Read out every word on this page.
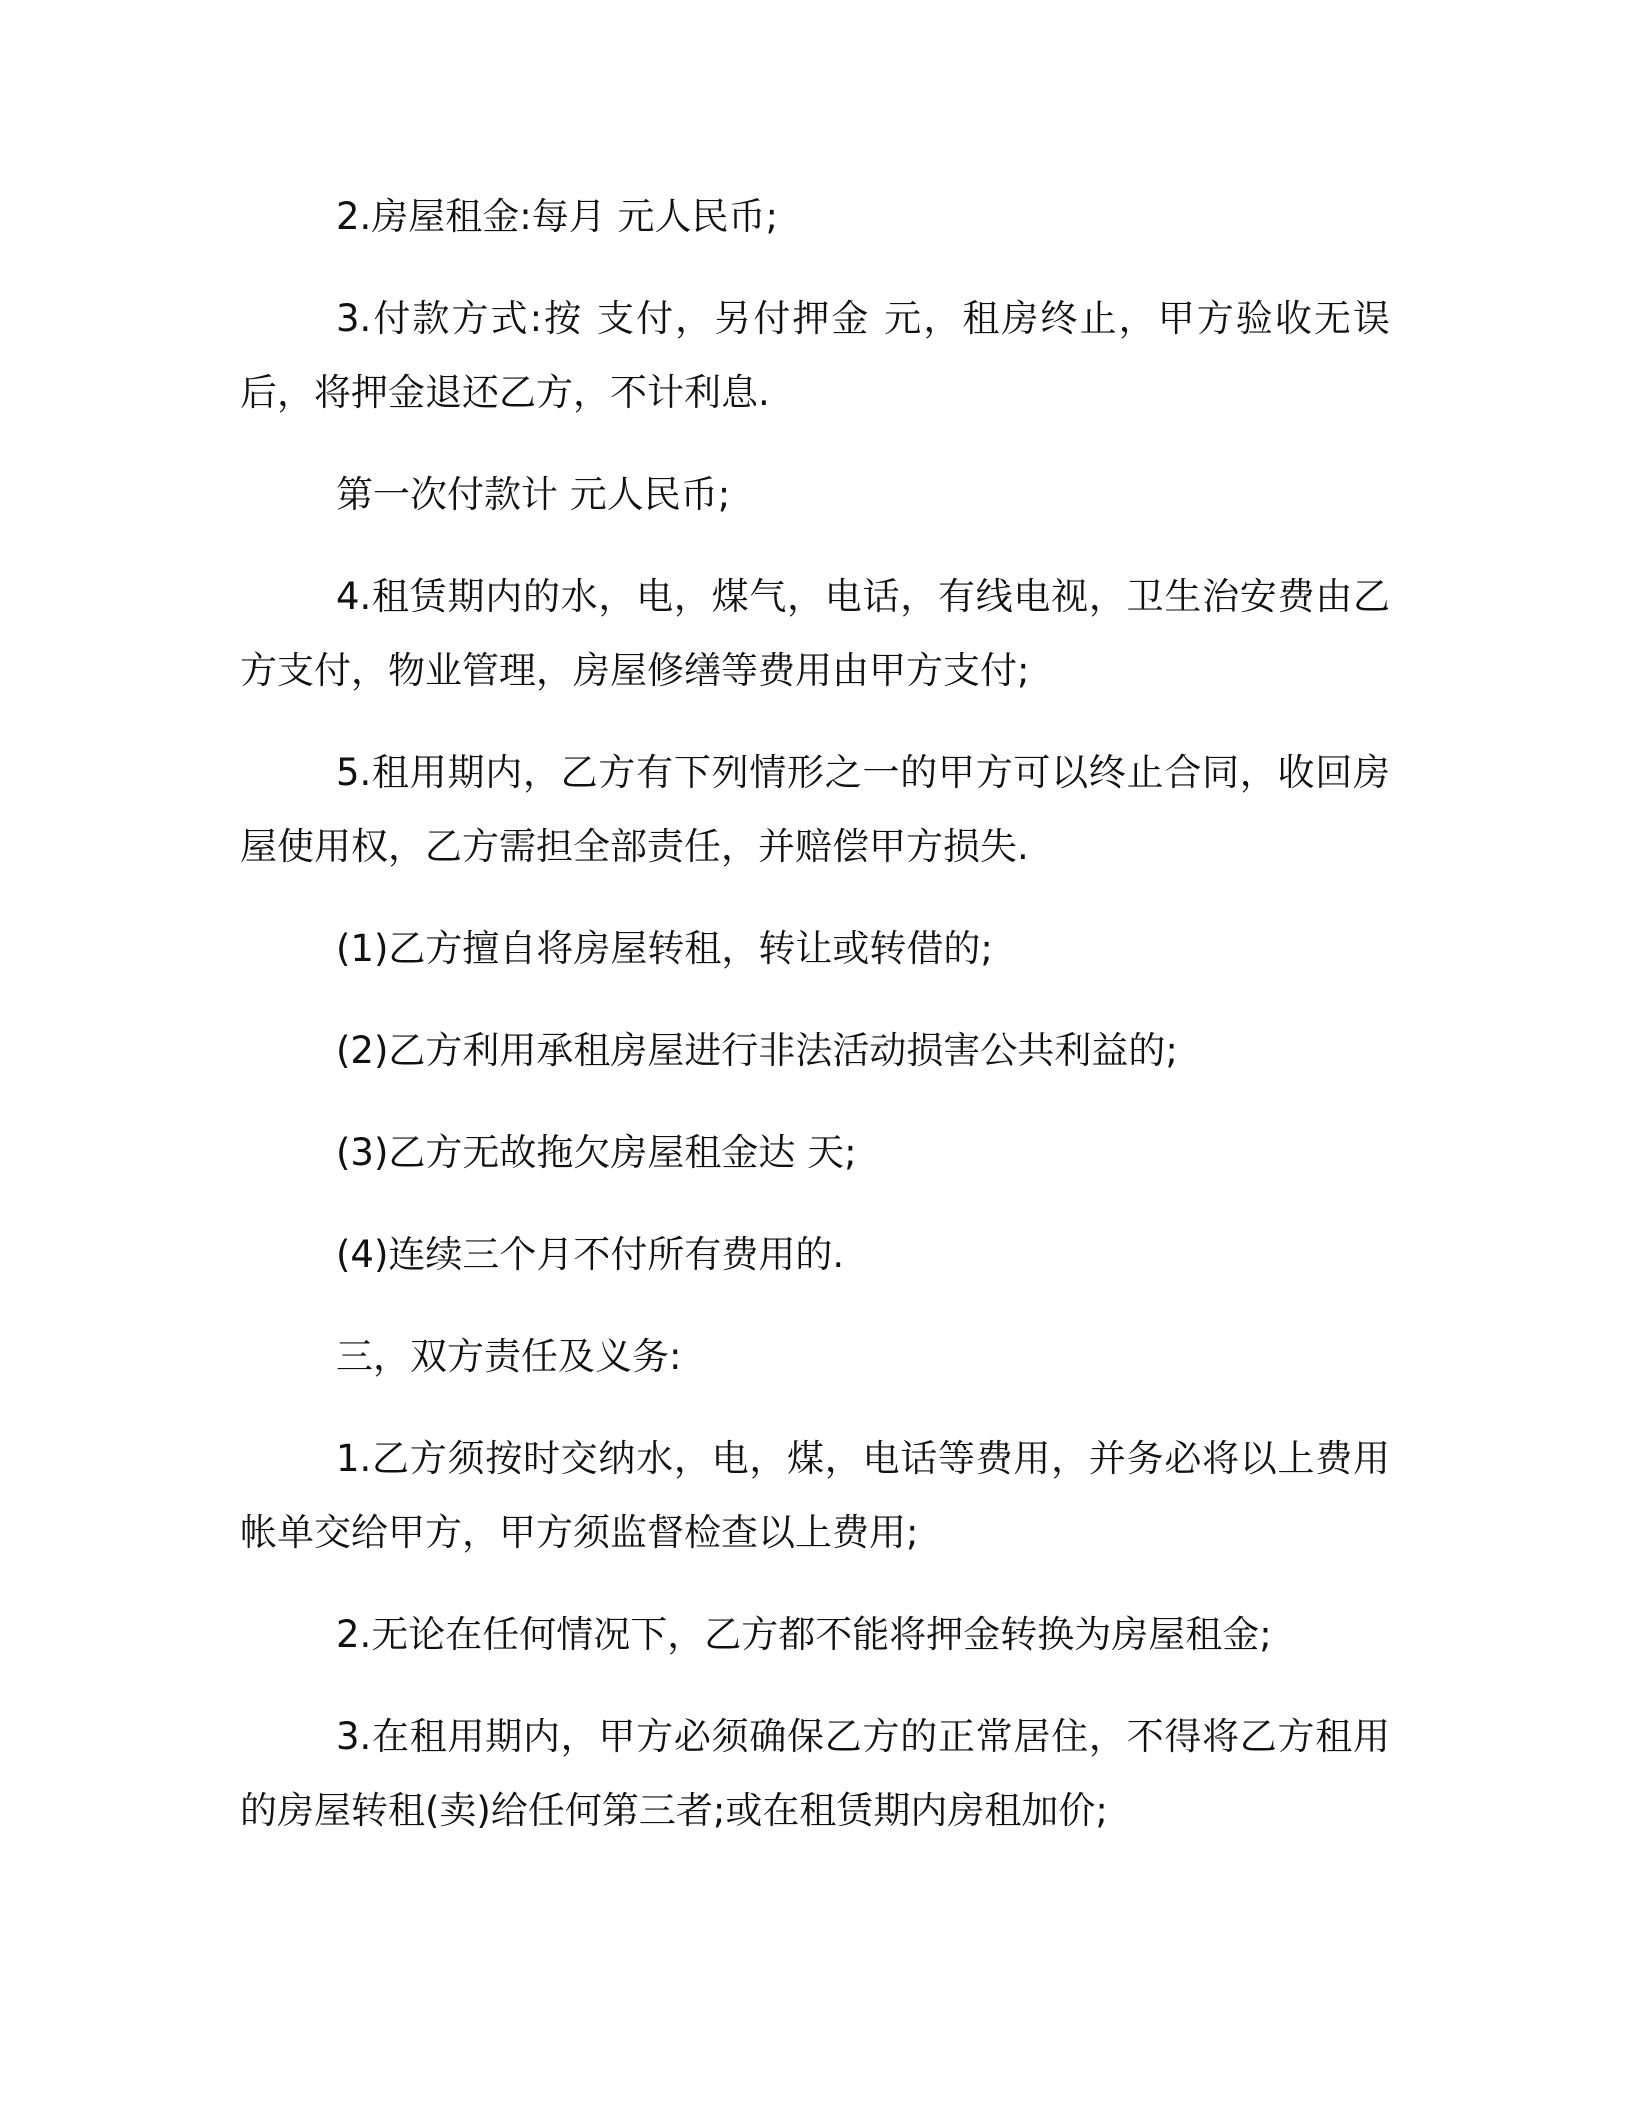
2.房屋租金:每月 元人民币;

3.付款方式:按 支付，另付押金 元，租房终止，甲方验收无误后，将押金退还乙方，不计利息.

第一次付款计 元人民币;

4.租赁期内的水，电，煤气，电话，有线电视，卫生治安费由乙方支付，物业管理，房屋修缮等费用由甲方支付;

5.租用期内，乙方有下列情形之一的甲方可以终止合同，收回房屋使用权，乙方需担全部责任，并赔偿甲方损失.

(1)乙方擅自将房屋转租，转让或转借的;

(2)乙方利用承租房屋进行非法活动损害公共利益的;

(3)乙方无故拖欠房屋租金达 天;

(4)连续三个月不付所有费用的.

三，双方责任及义务:

1.乙方须按时交纳水，电，煤，电话等费用，并务必将以上费用帐单交给甲方，甲方须监督检查以上费用;

2.无论在任何情况下，乙方都不能将押金转换为房屋租金;

3.在租用期内，甲方必须确保乙方的正常居住，不得将乙方租用的房屋转租(卖)给任何第三者;或在租赁期内房租加价;
